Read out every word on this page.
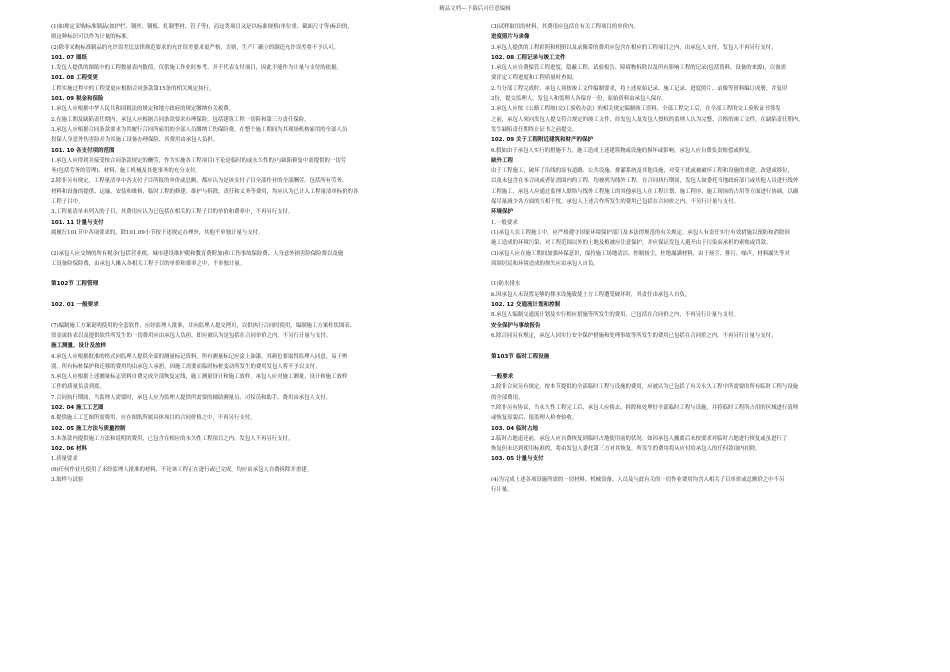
精品文档---下载后可任意编辑

(1)如规定采购标准制品(如护栏、钢丝、钢板、轧制型材、管子等)，而这类项目又是以标准规格(单位重、截面尺寸等)标识的，

则这种标识可以作为计量的标准。

(2)除非采购标准制品的允许误差比法律规范要求的允许误差要求更严格，否则，生产厂确立的制造允许误差将不予认可。

101. 07 图纸

1.发包人提供的图纸中的工程数量表内数值，仅供施工作业时参考，并不代表支付项目，因此不能作为计量与支付的依据。

101. 08 工程变更

工程实施过程中的工程变更应根据合同条款第15条的相关规定执行。

101. 09 税金和保险

1.承包人应根据中华人民共和国税法的规定和地方政府的规定缴纳有关税费。

2.在施工期及缺陷责任期内，承包人应根据合同条款要求办理保险，包括建筑工程一切险和第三方责任保险。

3.承包人应根据合同条款要求为其履行合同所雇用的全部人员缴纳工伤保险费，在整个施工期间为其现场机构雇用的全部人员

投保人身意外伤害险并为其施工设备办理保险，其费用由承包人负担。

101. 10 各支付项的范围

1.承包人应得到并接受按合同条款规定的酬劳，作为实施各工程项目(不论是临时的或永久性的)与缺陷修复中需提供的一切劳

务(包括劳务的管理)、材料、施工机械及其他事务的充分支付。

2.除非另有规定，工程量清单中各支付子目所报的单价或总额，都应认为是该支付子目全部作业的全部酬劳，包括所有劳务、

材料和设备的提供、运输、安装和维修，临时工程的修建、维护与拆除，责任和义务等费用，均应认为已计入工程量清单标价的各

工程子目中。

3.工程量清单未列入的子目，其费用应认为已包括在相关的工程子目的单价和费率中，不再另行支付。

101. 11 计量与支付

属履行101节中各项要求的，除101.09小节按下述规定办理外，其他不单独计量与支付。

(2)承包人应交纳的所有税金(包括营业税、城市建设维护税和教育费附加)和工伤事故保险费、人身意外损害险保险费以及施

工设备险保险费，由承包人摊入各相关工程子目的单价和费率之中，不单独计量。

第102节 工程管理

102. 01 一般要求

(7)编制施工方案说明使用的全套软件，应经监理人批准，并向监理人提交拷贝，以供执行合同时使用。编制施工方案柱状图表、

资金流转表以及提供软件所发生的一切费用应由承包人负担，即应被认为是包括在合同单价之内，不另行计量与支付。

施工测量、设计及放样

4.承包人应根据批准的格式向监理人提供全部的测量标记资料，所有测量标记应涂上油漆，其颜色要取得监理人同意，易于辨

别。所有标桩保护和迁移的费用均由承包人承担，因施工需要而临时标桩变动所发生的费用发包人将不予以支付。

5.承包人应根据上述测量标志资料自费完成全部恢复定线、施工测量设计和施工放样。承包人应对施工测量、设计和施工放样

工作的质量负责到底。

7.合同执行期间，当监理人需要时，承包人应为监理人提供所需要的辅助测量员、司仪员和助手，费用由承包人支付。

102. 04 施工工艺图

8.提供施工工艺图所需费用，应在图纸所属具体项目的合同价格之中，不再另行支付。

102. 05 施工方法与质量控制

5.本条款内提供施工方法和说明的费用，已包含在相应的永久性工程项目之内，发包人不再另行支付。

102. 06 材料

1.质量要求

(6)任何作业凡使用了未经监理人批准的材料，不论该工程正在进行或已完成，均应由承包人自费拆除并重建。

3.取样与试验

(3)试样取用的材料，其费用应包括在有关工程项目的单价内。

进度照片与录像

3.承包人提供的工程彩照和相册以及录像带的费用应包含在相应的工程项目之内，由承包人支付，发包人不再另行支付。

102. 08 工程记录与竣工文件

1.承包人应自费保管工程进度，隐蔽工程、试验报告、障碍物拆除以及所有影响工程的记录(包括资料、设备的来源)，以备需

要评定工程进度和工程质量时查阅。

2.当分部工程完成时，承包人须按竣工文件编制要求，将上述原始记录、施工记录、进度照片、录像等资料编订成册，并复印

2份，提交监理人。发包人和监理人各保存一份，原始资料由承包人保存。

3.承包人应按《公路工程竣(交)工验收办法》的相关规定编制竣工资料，全部工程完工后，在全部工程的交工验收证书签发

之前，承包人须向发包人提交符合规定的竣工文件，经发包人及发包人授权的监理人认为完整、合格的竣工文件，在缺陷责任期内，

发生缺陷责任期终止证书之前提交。

102. 09 关于工程附近建筑和财产的保护

6.假如由于承包人实行的措施不力，施工造成上述建筑物或设施的损坏或影响，承包人应自费负责赔偿或修复。

缺外工程

由于工程施工，破坏了沿线的原有道路、公共设施、排灌系统及其他设施，对受干扰或被破坏工程和设施的重建、改建或移位，

以及未包含在本合同或者征需围内的工程，均被列为线外工程。在合同执行期间，发包人如委托当地政府部门或其他人员进行线外

工程施工，承包人应通过监理人联络与线外工程施工的其他承包人在工程计划、施工程序、施工现场的占用等方面进行协调，以确

保尽量减少各方面的互相干扰。承包人上述合作所发生的费用已包括在合同价之内，不另行计量与支付。

环境保护

1.一般要求

(1)承包人在工程施工中，应严格遵守国家环境保护部门及本法律规范的有关规定。承包人有责任实行有效措施以预防和消除因

施工造成的环境污染，对工程范围以外的土地及植被应注意保护，并应保证发包人避开由于污染而承担的索赔或罚款。

(3)承包人应在施工期间加强环保意识，保持施工场地清洁、控制扬尘，杜绝漏满材料，由于扬尘、排污、噪声、材料漏失等对

周围居民和环境造成的损失应由承包人自负。

(1)防水排水

b.因承包人未设置足够的排水设施致使土方工程遭受破坏时，其责任由承包人自负。

102. 12 交通流计划和控制

8.承包人编制交通流计划及实行相应措施等所发生的费用，已包括在合同价之内，不再另行计量与支付。

安全保护与事故报告

6.除合同另有规定，承包人因实行安全保护措施和处理事故等所发生的费用已包括在合同价之内，不再另行计量与支付。

第103节 临时工程设施

一般要求

3.除非合同另有规定，按本节提供的全部临时工程与设施的费用，应被认为已包括了有关永久工程中所需要的所有临时工程与设施

的全部费用。

7.除非另有协议，当永久性工程完工后，承包人应移去、拆除和处理好全部临时工程与设施，并将临时工程所占用的区域进行清理

或恢复原貌后，报监理人检查验收。

103. 04 临时占地

2.临时占地退还前，承包人应自费恢复到临时占地使用前的状况。如因承包人撤离后未按要求对临时占地进行恢复或虽进行了

恢复但未达到使用标准的，将由发包人委托第三方对其恢复，所发生的费用将从应付给承包人的任何款项内扣除。

103. 05 计量与支付

(4)为完成上述各项设施所需的一切材料、机械设备、人员及与此有关的一切作业费用均含入相关子目单价或总额价之中不另

行计量。
